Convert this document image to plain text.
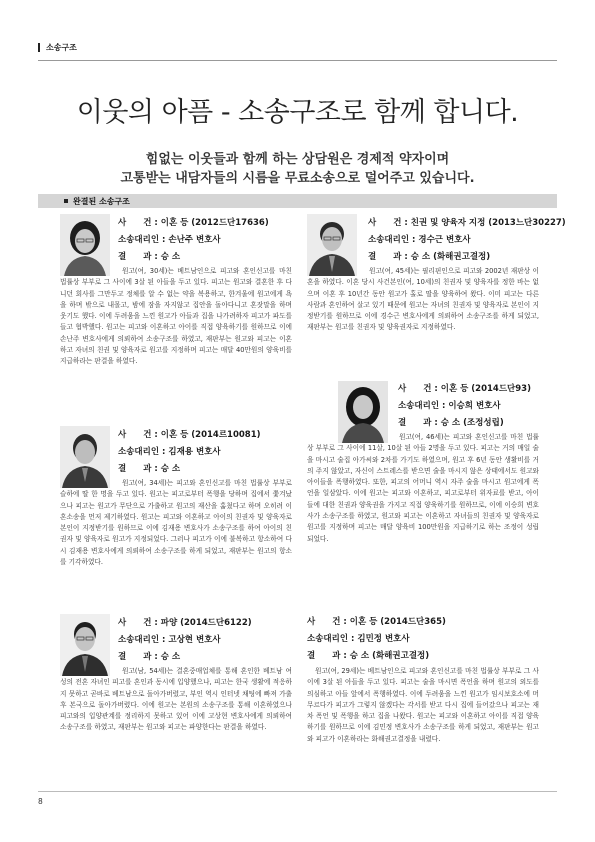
소송구조
이웃의 아픔 - 소송구조로 함께 합니다.
힘없는 이웃들과 함께 하는 상담원은 경제적 약자이며
고통받는 내담자들의 시름을 무료소송으로 덜어주고 있습니다.
완결된 소송구조
사　　건 : 이혼 등 (2012드단17636)
소송대리인 : 손난주 변호사
결　　과 : 승 소

원고(여, 30세)는 베트남인으로 피고와 혼인신고를 마친 법률상 부부로 그 사이에 3살 된 아들을 두고 있다. 피고는 원고와 결혼한 후 다니던 회사를 그만두고 정체를 알 수 없는 약을 복용하고, 한겨울에 원고에게 욕을 하며 밖으로 내몰고, 밤에 잠을 자지않고 집안을 돌아다니고 혼잣말을 하며 웃기도 했다. 이에 두려움을 느낀 원고가 아들과 집을 나가려하자 피고가 파도를 들고 협박했다. 원고는 피고와 이혼하고 아이를 직접 양육하기를 원하므로 이에 손난주 변호사에게 의뢰하여 소송구조를 하였고, 재판부는 원고와 피고는 이혼하고 자녀의 친권 및 양육자로 원고를 지정하며 피고는 매달 40만원의 양육비를 지급하라는 판결을 하였다.

사　　건 : 이혼 등 (2014르10081)
소송대리인 : 김재용 변호사
결　　과 : 승 소

원고(여, 34세)는 피고와 혼인신고를 마친 법률상 부부로 슬하에 딸 한 명을 두고 있다. 원고는 피고로부터 폭행을 당하며 집에서 쫓겨났으나 피고는 원고가 무단으로 가출하고 원고의 재산을 훔쳤다고 하며 오히려 이혼소송을 먼저 제기하였다. 원고는 피고와 이혼하고 아이의 친권자 및 양육자로 본인이 지정받기를 원하므로 이에 김재용 변호사가 소송구조를 하여 아이의 친권자 및 양육자로 원고가 지정되었다. 그러나 피고가 이에 불복하고 항소하여 다시 김재용 변호사에게 의뢰하여 소송구조를 하게 되었고, 재판부는 원고의 항소를 기각하였다.

사　　건 : 파양 (2014드단6122)
소송대리인 : 고상현 변호사
결　　과 : 승 소

원고(남, 54세)는 결혼중매업체를 통해 혼인한 베트남 여성의 전혼 자녀인 피고를 혼인과 동시에 입양했으나, 피고는 한국 생활에 적응하지 못하고 곧바로 베트남으로 돌아가버렸고, 부인 역시 인터넷 채팅에 빠져 가출 후 본국으로 돌아가버렸다. 이에 원고는 본원의 소송구조를 통해 이혼하였으나 피고와의 입양관계를 정리하지 못하고 있어 이에 고상현 변호사에게 의뢰하여 소송구조를 하였고, 재판부는 원고와 피고는 파양한다는 판결을 하였다.

사　　건 : 친권 및 양육자 지정 (2013느단30227)
소송대리인 : 경수근 변호사
결　　과 : 승 소 (화해권고결정)

원고(여, 45세)는 필리핀인으로 피고와 2002년 재판상 이혼을 하였다. 이혼 당시 사건본인(여, 10세)의 친권자 및 양육자를 정한 바는 없으며 이혼 후 10년간 동안 원고가 홀로 딸을 양육하여 왔다. 이미 피고는 다른 사람과 혼인하여 살고 있기 때문에 원고는 자녀의 친권자 및 양육자로 본인이 지정받기를 원하므로 이에 경수근 변호사에게 의뢰하여 소송구조를 하게 되었고, 재판부는 원고를 친권자 및 양육권자로 지정하였다.

사　　건 : 이혼 등 (2014드단93)
소송대리인 : 이승희 변호사
결　　과 : 승 소 (조정성립)

원고(여, 46세)는 피고와 혼인신고를 마친 법률상 부부로 그 사이에 11살, 10살 된 아들 2명을 두고 있다. 피고는 거의 매일 술을 마시고 술집 아가씨와 2차를 가기도 하였으며, 원고 후 6년 동안 생활비를 거의 주지 않았고, 자신이 스트레스를 받으면 술을 마시지 않은 상태에서도 원고와 아이들을 폭행하였다. 또한, 피고의 어머니 역시 자주 술을 마시고 원고에게 폭언을 일삼았다. 이에 원고는 피고와 이혼하고, 피고로부터 위자료를 받고, 아이들에 대한 친권과 양육권을 가지고 직접 양육하기를 원하므로, 이에 이승희 변호사가 소송구조를 하였고, 원고와 피고는 이혼하고 자녀들의 친권자 및 양육자로 원고를 지정하며 피고는 매달 양육비 100만원을 지급하기로 하는 조정이 성립되었다.

사　　건 : 이혼 등 (2014드단365)
소송대리인 : 김민정 변호사
결　　과 : 승 소 (화해권고결정)

원고(여, 29세)는 베트남인으로 피고와 혼인신고를 마친 법률상 부부로 그 사이에 3살 된 아들을 두고 있다. 피고는 술을 마시면 폭언을 하며 원고의 외도를 의심하고 아들 앞에서 폭행하였다. 이에 두려움을 느낀 원고가 임시보호소에 머무르다가 피고가 그렇지 않겠다는 각서를 받고 다시 집에 들어갔으나 피고는 재차 폭언 및 폭행을 하고 집을 나왔다. 원고는 피고와 이혼하고 아이를 직접 양육하기를 원하므로 이에 김민정 변호사가 소송구조를 하게 되었고, 재판부는 원고와 피고가 이혼하라는 화해권고결정을 내렸다.

8
